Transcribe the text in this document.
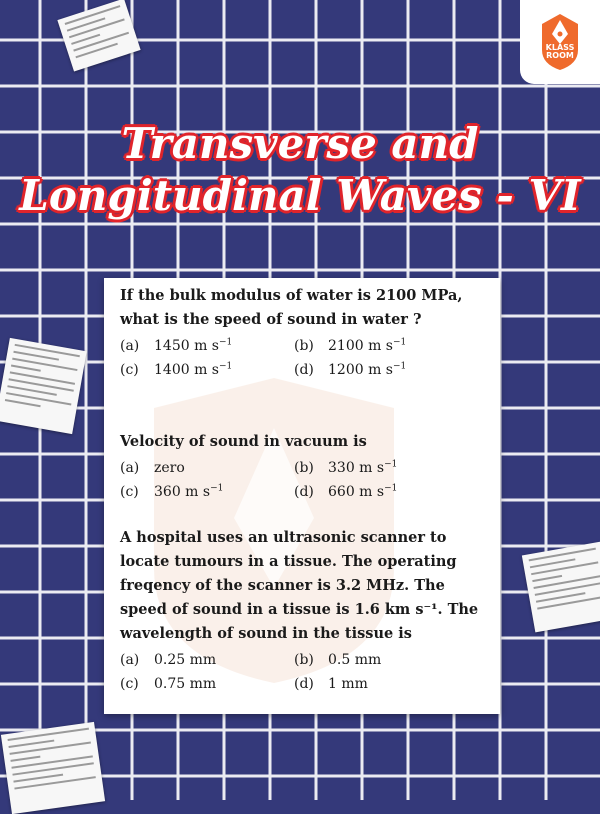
KLASS
ROOM
Transverse and
Longitudinal Waves - VI
If the bulk modulus of water is 2100 MPa, what is the speed of sound in water ?
(a)	1450 m $s^{-1}$	(b)	2100 m $s^{-1}$
(c)	1400 m $s^{-1}$	(d)	1200 m $s^{-1}$
Velocity of sound in vacuum is
(a)	zero	(b)	330 m $s^{-1}$
(c)	360 m $s^{-1}$	(d)	660 m $s^{-1}$
A hospital uses an ultrasonic scanner to locate tumours in a tissue. The operating freqency of the scanner is 3.2 MHz. The speed of sound in a tissue is 1.6 km s⁻¹. The wavelength of sound in the tissue is
(a)	0.25 mm	(b)	0.5 mm
(c)	0.75 mm	(d)	1 mm
